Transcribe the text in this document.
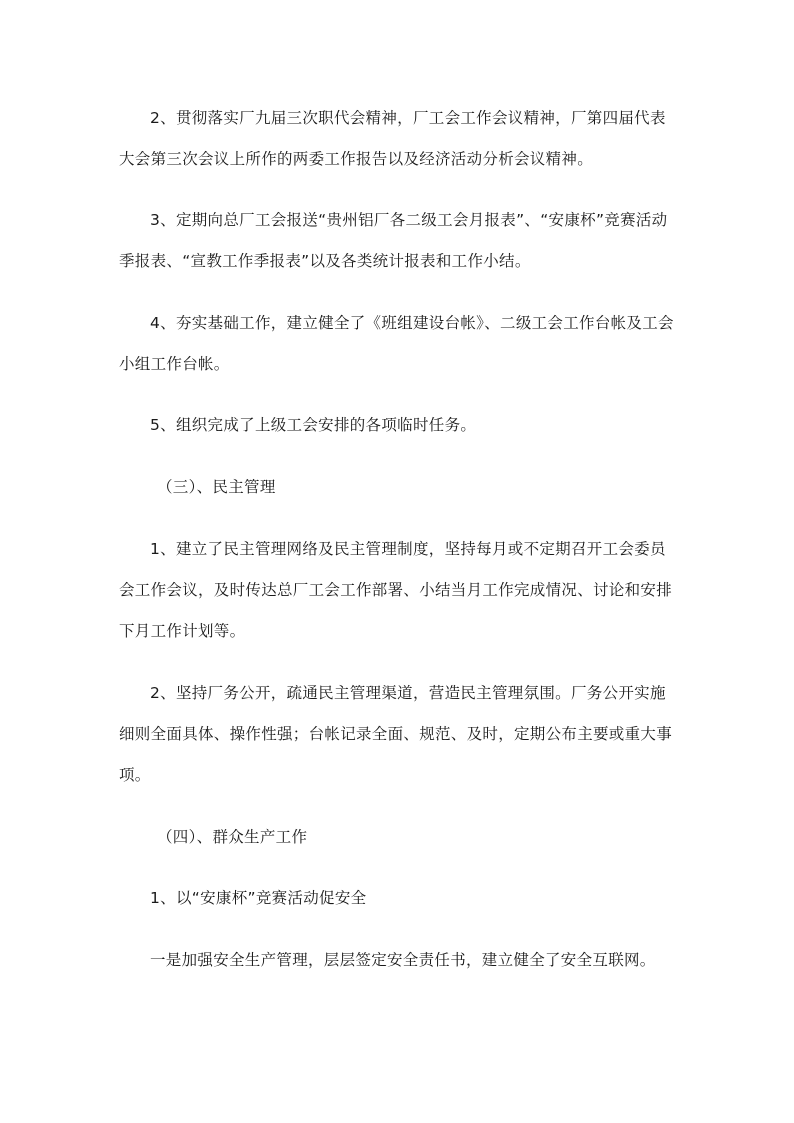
2、贯彻落实厂九届三次职代会精神，厂工会工作会议精神，厂第四届代表大会第三次会议上所作的两委工作报告以及经济活动分析会议精神。

3、定期向总厂工会报送“贵州铝厂各二级工会月报表”、“安康杯”竞赛活动季报表、“宣教工作季报表”以及各类统计报表和工作小结。

4、夯实基础工作，建立健全了《班组建设台帐》、二级工会工作台帐及工会小组工作台帐。

5、组织完成了上级工会安排的各项临时任务。

（三）、民主管理

1、建立了民主管理网络及民主管理制度，坚持每月或不定期召开工会委员会工作会议，及时传达总厂工会工作部署、小结当月工作完成情况、讨论和安排下月工作计划等。

2、坚持厂务公开，疏通民主管理渠道，营造民主管理氛围。厂务公开实施细则全面具体、操作性强；台帐记录全面、规范、及时，定期公布主要或重大事项。

（四）、群众生产工作

1、以“安康杯”竞赛活动促安全

一是加强安全生产管理，层层签定安全责任书，建立健全了安全互联网。
